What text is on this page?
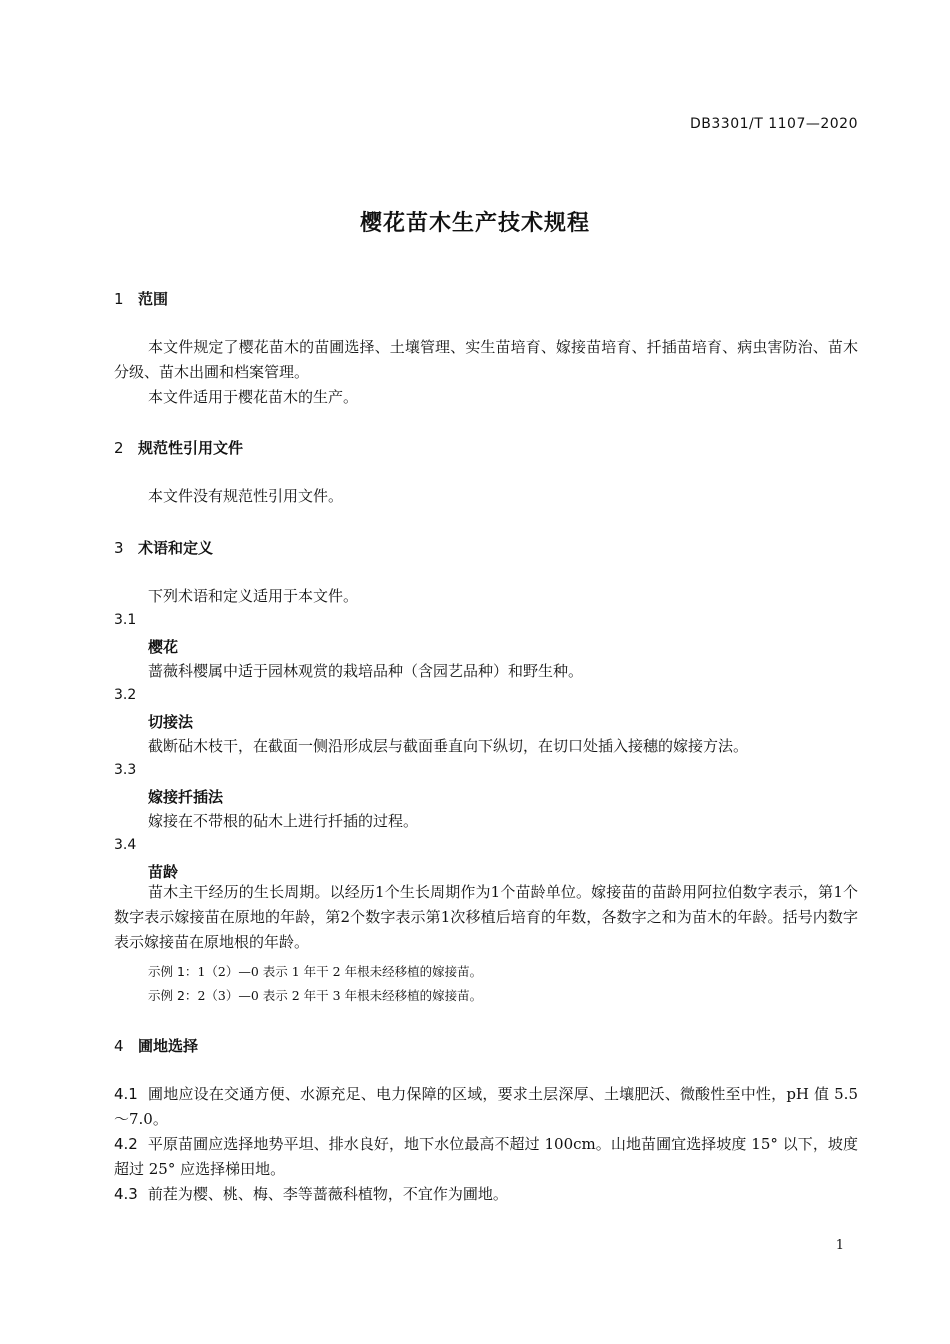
DB3301/T 1107—2020
樱花苗木生产技术规程
1 范围
本文件规定了樱花苗木的苗圃选择、土壤管理、实生苗培育、嫁接苗培育、扦插苗培育、病虫害防治、苗木分级、苗木出圃和档案管理。
本文件适用于樱花苗木的生产。
2 规范性引用文件
本文件没有规范性引用文件。
3 术语和定义
下列术语和定义适用于本文件。
3.1
樱花
蔷薇科樱属中适于园林观赏的栽培品种（含园艺品种）和野生种。
3.2
切接法
截断砧木枝干，在截面一侧沿形成层与截面垂直向下纵切，在切口处插入接穗的嫁接方法。
3.3
嫁接扦插法
嫁接在不带根的砧木上进行扦插的过程。
3.4
苗龄
苗木主干经历的生长周期。以经历1个生长周期作为1个苗龄单位。嫁接苗的苗龄用阿拉伯数字表示，第1个数字表示嫁接苗在原地的年龄，第2个数字表示第1次移植后培育的年数，各数字之和为苗木的年龄。括号内数字表示嫁接苗在原地根的年龄。
示例 1：1（2）—0 表示 1 年干 2 年根未经移植的嫁接苗。
示例 2：2（3）—0 表示 2 年干 3 年根未经移植的嫁接苗。
4 圃地选择
4.1 圃地应设在交通方便、水源充足、电力保障的区域，要求土层深厚、土壤肥沃、微酸性至中性，pH 值 5.5～7.0。
4.2 平原苗圃应选择地势平坦、排水良好，地下水位最高不超过 100cm。山地苗圃宜选择坡度 15° 以下，坡度超过 25° 应选择梯田地。
4.3 前茬为樱、桃、梅、李等蔷薇科植物，不宜作为圃地。
1
